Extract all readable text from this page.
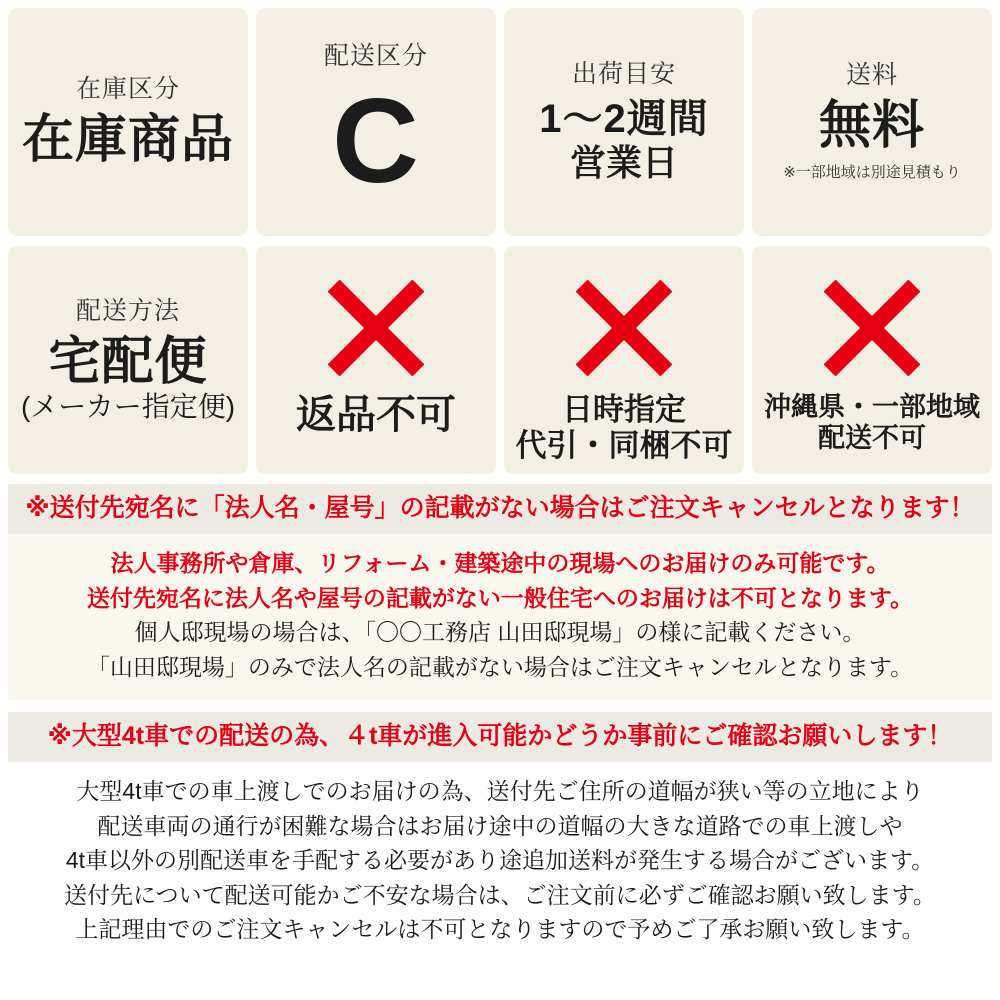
在庫区分
在庫商品
配送区分
C
出荷目安
1〜2週間
営業日
送料
無料
※一部地域は別途見積もり
配送方法
宅配便
(メーカー指定便) 返品不可	日時指定
代引・同梱不可
沖縄県・一部地域
配送不可
※送付先宛名に「法人名・屋号」の記載がない場合はご注文キャンセルとなります！
法人事務所や倉庫、リフォーム・建築途中の現場へのお届けのみ可能です。
送付先宛名に法人名や屋号の記載がない一般住宅へのお届けは不可となります。
個人邸現場の場合は、「〇〇工務店 山田邸現場」の様に記載ください。
「山田邸現場」のみで法人名の記載がない場合はご注文キャンセルとなります。
※大型4t車での配送の為、４t車が進入可能かどうか事前にご確認お願いします！
大型4t車での車上渡しでのお届けの為、送付先ご住所の道幅が狭い等の立地により
配送車両の通行が困難な場合はお届け途中の道幅の大きな道路での車上渡しや
4t車以外の別配送車を手配する必要があり途追加送料が発生する場合がございます。
送付先について配送可能かご不安な場合は、ご注文前に必ずご確認お願い致します。
上記理由でのご注文キャンセルは不可となりますので予めご了承お願い致します。
